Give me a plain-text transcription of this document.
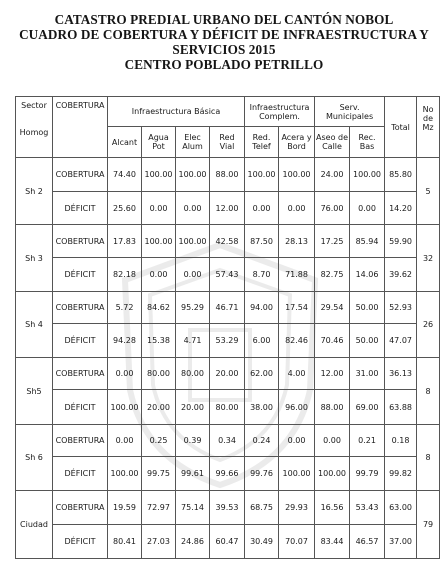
CATASTRO PREDIAL URBANO DEL CANTÓN NOBOL
CUADRO DE COBERTURA Y DÉFICIT DE INFRAESTRUCTURA Y
SERVICIOS 2015
CENTRO POBLADO PETRILLO
Sector

Homog	COBERTURA	Infraestructura Básica				Infraestructura Complem.		Serv. Municipales		Total	No de Mz
		Alcant	Agua Pot	Elec Alum	Red Vial	Red. Telef	Acera y Bord	Aseo de Calle	Rec. Bas		
Sh 2	COBERTURA	74.40	100.00	100.00	88.00	100.00	100.00	24.00	100.00	85.80	5
	DÉFICIT	25.60	0.00	0.00	12.00	0.00	0.00	76.00	0.00	14.20	
Sh 3	COBERTURA	17.83	100.00	100.00	42.58	87.50	28.13	17.25	85.94	59.90	32
	DÉFICIT	82.18	0.00	0.00	57.43	8.70	71.88	82.75	14.06	39.62	
Sh 4	COBERTURA	5.72	84.62	95.29	46.71	94.00	17.54	29.54	50.00	52.93	26
	DÉFICIT	94.28	15.38	4.71	53.29	6.00	82.46	70.46	50.00	47.07	
Sh5	COBERTURA	0.00	80.00	80.00	20.00	62.00	4.00	12.00	31.00	36.13	8
	DÉFICIT	100.00	20.00	20.00	80.00	38.00	96.00	88.00	69.00	63.88	
Sh 6	COBERTURA	0.00	0.25	0.39	0.34	0.24	0.00	0.00	0.21	0.18	8
	DÉFICIT	100.00	99.75	99.61	99.66	99.76	100.00	100.00	99.79	99.82	
Ciudad	COBERTURA	19.59	72.97	75.14	39.53	68.75	29.93	16.56	53.43	63.00	79
	DÉFICIT	80.41	27.03	24.86	60.47	30.49	70.07	83.44	46.57	37.00	
